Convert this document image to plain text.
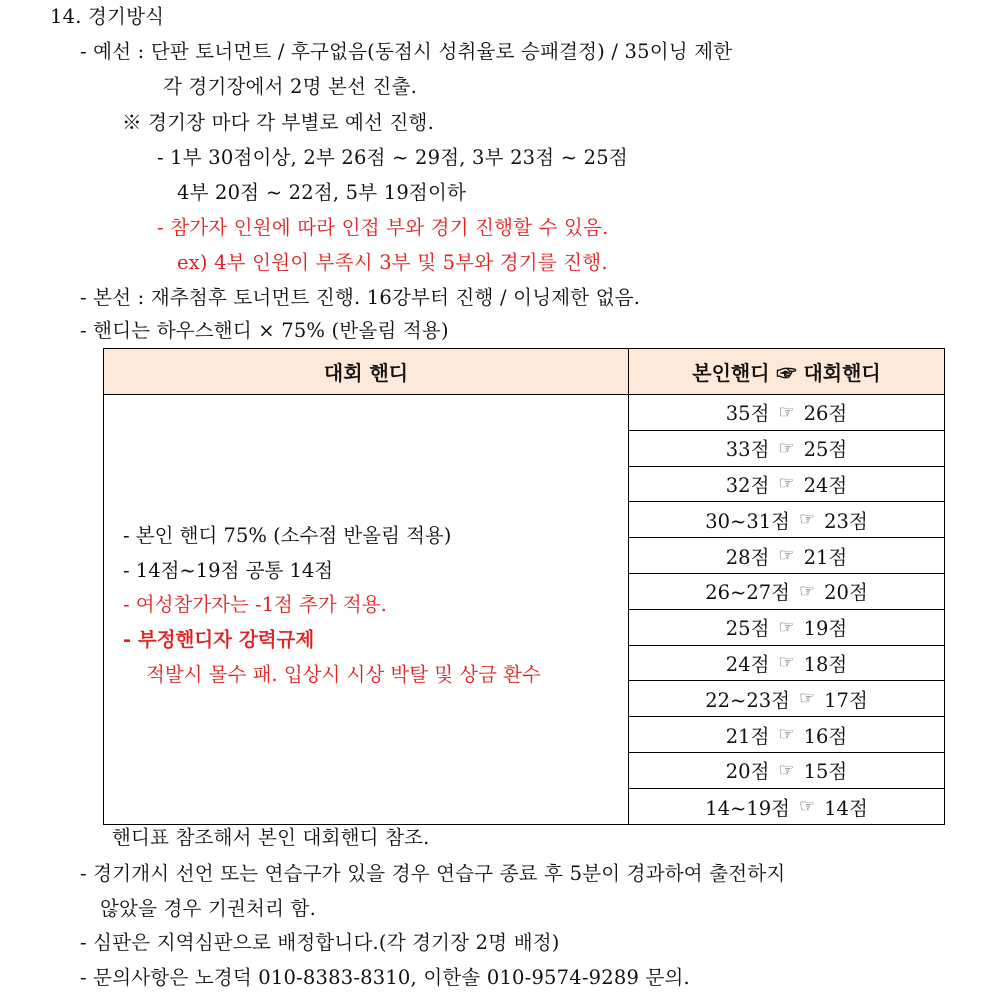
14. 경기방식
- 예선 : 단판 토너먼트 / 후구없음(동점시 성취율로 승패결정) / 35이닝 제한
각 경기장에서 2명 본선 진출.
※ 경기장 마다 각 부별로 예선 진행.
- 1부 30점이상, 2부 26점 ~ 29점, 3부 23점 ~ 25점
4부 20점 ~ 22점, 5부 19점이하
- 참가자 인원에 따라 인접 부와 경기 진행할 수 있음.
ex) 4부 인원이 부족시 3부 및 5부와 경기를 진행.
- 본선 : 재추첨후 토너먼트 진행. 16강부터 진행 / 이닝제한 없음.
- 핸디는 하우스핸디 × 75% (반올림 적용)
대회 핸디	본인핸디 ☞ 대회핸디
- 본인 핸디 75% (소수점 반올림 적용)
- 14점~19점 공통 14점
- 여성참가자는 -1점 추가 적용.
- 부정핸디자 강력규제
적발시 몰수 패. 입상시 시상 박탈 및 상금 환수
35점 ☞ 26점
33점 ☞ 25점
32점 ☞ 24점
30~31점 ☞ 23점
28점 ☞ 21점
26~27점 ☞ 20점
25점 ☞ 19점
24점 ☞ 18점
22~23점 ☞ 17점
21점 ☞ 16점
20점 ☞ 15점
14~19점 ☞ 14점
핸디표 참조해서 본인 대회핸디 참조.
- 경기개시 선언 또는 연습구가 있을 경우 연습구 종료 후 5분이 경과하여 출전하지
않았을 경우 기권처리 함.
- 심판은 지역심판으로 배정합니다.(각 경기장 2명 배정)
- 문의사항은 노경덕 010-8383-8310, 이한솔 010-9574-9289 문의.
